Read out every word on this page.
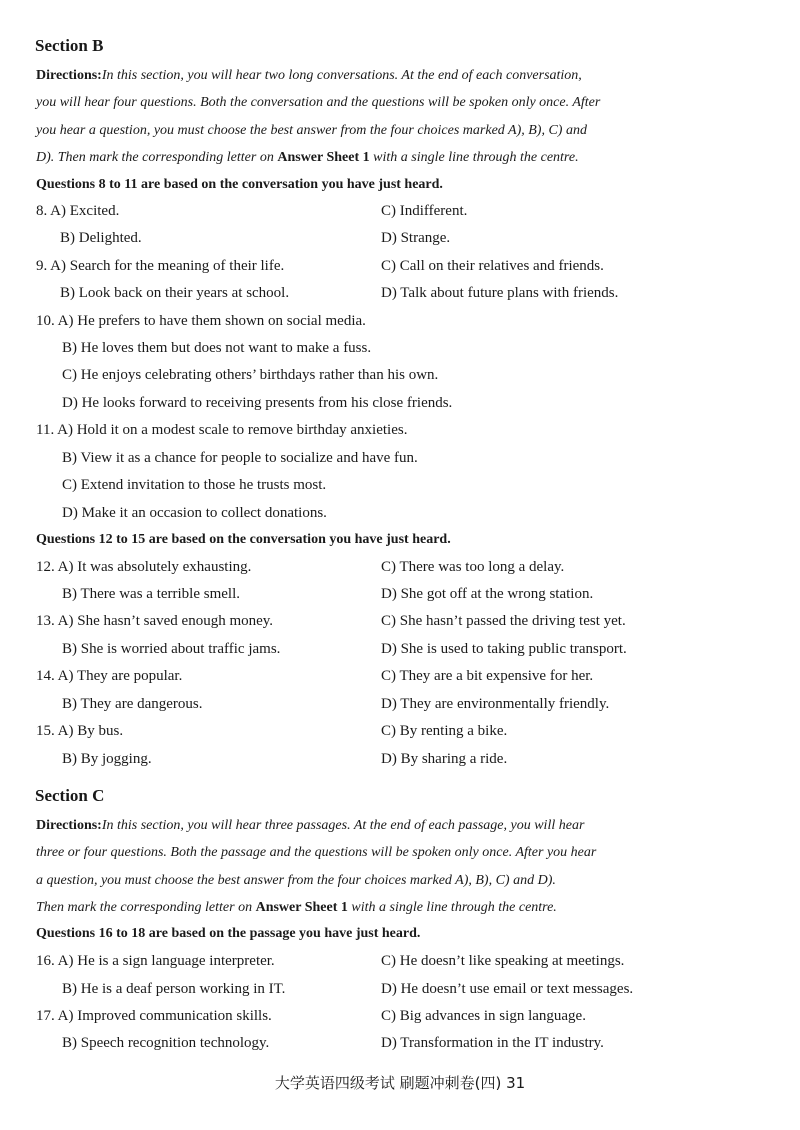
Section B
Directions:In this section, you will hear two long conversations. At the end of each conversation,
you will hear four questions. Both the conversation and the questions will be spoken only once. After
you hear a question, you must choose the best answer from the four choices marked A), B), C) and
D). Then mark the corresponding letter on Answer Sheet 1 with a single line through the centre.
Questions 8 to 11 are based on the conversation you have just heard.
8. A) Excited.	C) Indifferent.
B) Delighted.	D) Strange.
9. A) Search for the meaning of their life.	C) Call on their relatives and friends.
B) Look back on their years at school.	D) Talk about future plans with friends.
10. A) He prefers to have them shown on social media.
B) He loves them but does not want to make a fuss.
C) He enjoys celebrating others’ birthdays rather than his own.
D) He looks forward to receiving presents from his close friends.
11. A) Hold it on a modest scale to remove birthday anxieties.
B) View it as a chance for people to socialize and have fun.
C) Extend invitation to those he trusts most.
D) Make it an occasion to collect donations.
Questions 12 to 15 are based on the conversation you have just heard.
12. A) It was absolutely exhausting.	C) There was too long a delay.
B) There was a terrible smell.	D) She got off at the wrong station.
13. A) She hasn’t saved enough money.	C) She hasn’t passed the driving test yet.
B) She is worried about traffic jams.	D) She is used to taking public transport.
14. A) They are popular.	C) They are a bit expensive for her.
B) They are dangerous.	D) They are environmentally friendly.
15. A) By bus.	C) By renting a bike.
B) By jogging.	D) By sharing a ride.
Section C
Directions:In this section, you will hear three passages. At the end of each passage, you will hear
three or four questions. Both the passage and the questions will be spoken only once. After you hear
a question, you must choose the best answer from the four choices marked A), B), C) and D).
Then mark the corresponding letter on Answer Sheet 1 with a single line through the centre.
Questions 16 to 18 are based on the passage you have just heard.
16. A) He is a sign language interpreter.	C) He doesn’t like speaking at meetings.
B) He is a deaf person working in IT.	D) He doesn’t use email or text messages.
17. A) Improved communication skills.	C) Big advances in sign language.
B) Speech recognition technology.	D) Transformation in the IT industry.
大学英语四级考试 刷题冲刺卷(四) 31
